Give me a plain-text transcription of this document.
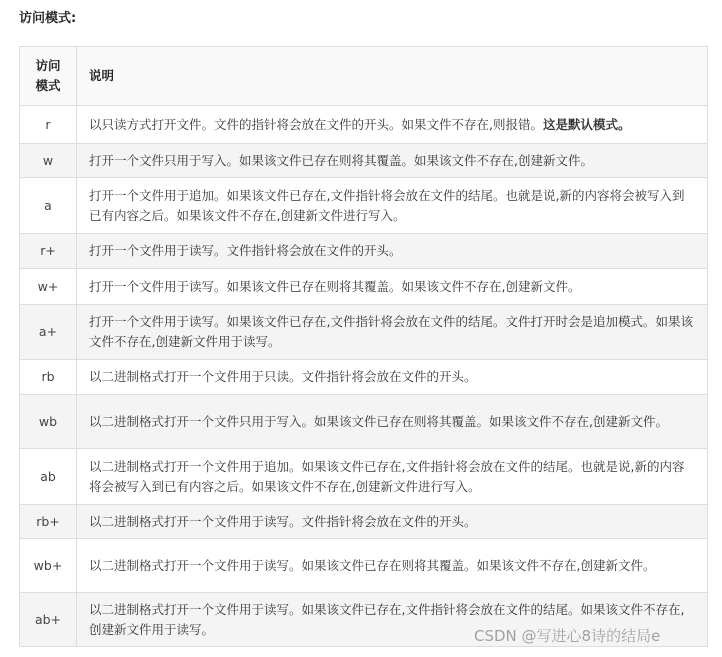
访问模式:
访问
模式	说明
r	以只读方式打开文件。文件的指针将会放在文件的开头。如果文件不存在,则报错。这是默认模式。
w	打开一个文件只用于写入。如果该文件已存在则将其覆盖。如果该文件不存在,创建新文件。
a	打开一个文件用于追加。如果该文件已存在,文件指针将会放在文件的结尾。也就是说,新的内容将会被写入到已有内容之后。如果该文件不存在,创建新文件进行写入。
r+	打开一个文件用于读写。文件指针将会放在文件的开头。
w+	打开一个文件用于读写。如果该文件已存在则将其覆盖。如果该文件不存在,创建新文件。
a+	打开一个文件用于读写。如果该文件已存在,文件指针将会放在文件的结尾。文件打开时会是追加模式。如果该文件不存在,创建新文件用于读写。
rb	以二进制格式打开一个文件用于只读。文件指针将会放在文件的开头。
wb	以二进制格式打开一个文件只用于写入。如果该文件已存在则将其覆盖。如果该文件不存在,创建新文件。
ab	以二进制格式打开一个文件用于追加。如果该文件已存在,文件指针将会放在文件的结尾。也就是说,新的内容将会被写入到已有内容之后。如果该文件不存在,创建新文件进行写入。
rb+	以二进制格式打开一个文件用于读写。文件指针将会放在文件的开头。
wb+	以二进制格式打开一个文件用于读写。如果该文件已存在则将其覆盖。如果该文件不存在,创建新文件。
ab+	以二进制格式打开一个文件用于读写。如果该文件已存在,文件指针将会放在文件的结尾。如果该文件不存在,创建新文件用于读写。	CSDN @写进心8诗的结局e
